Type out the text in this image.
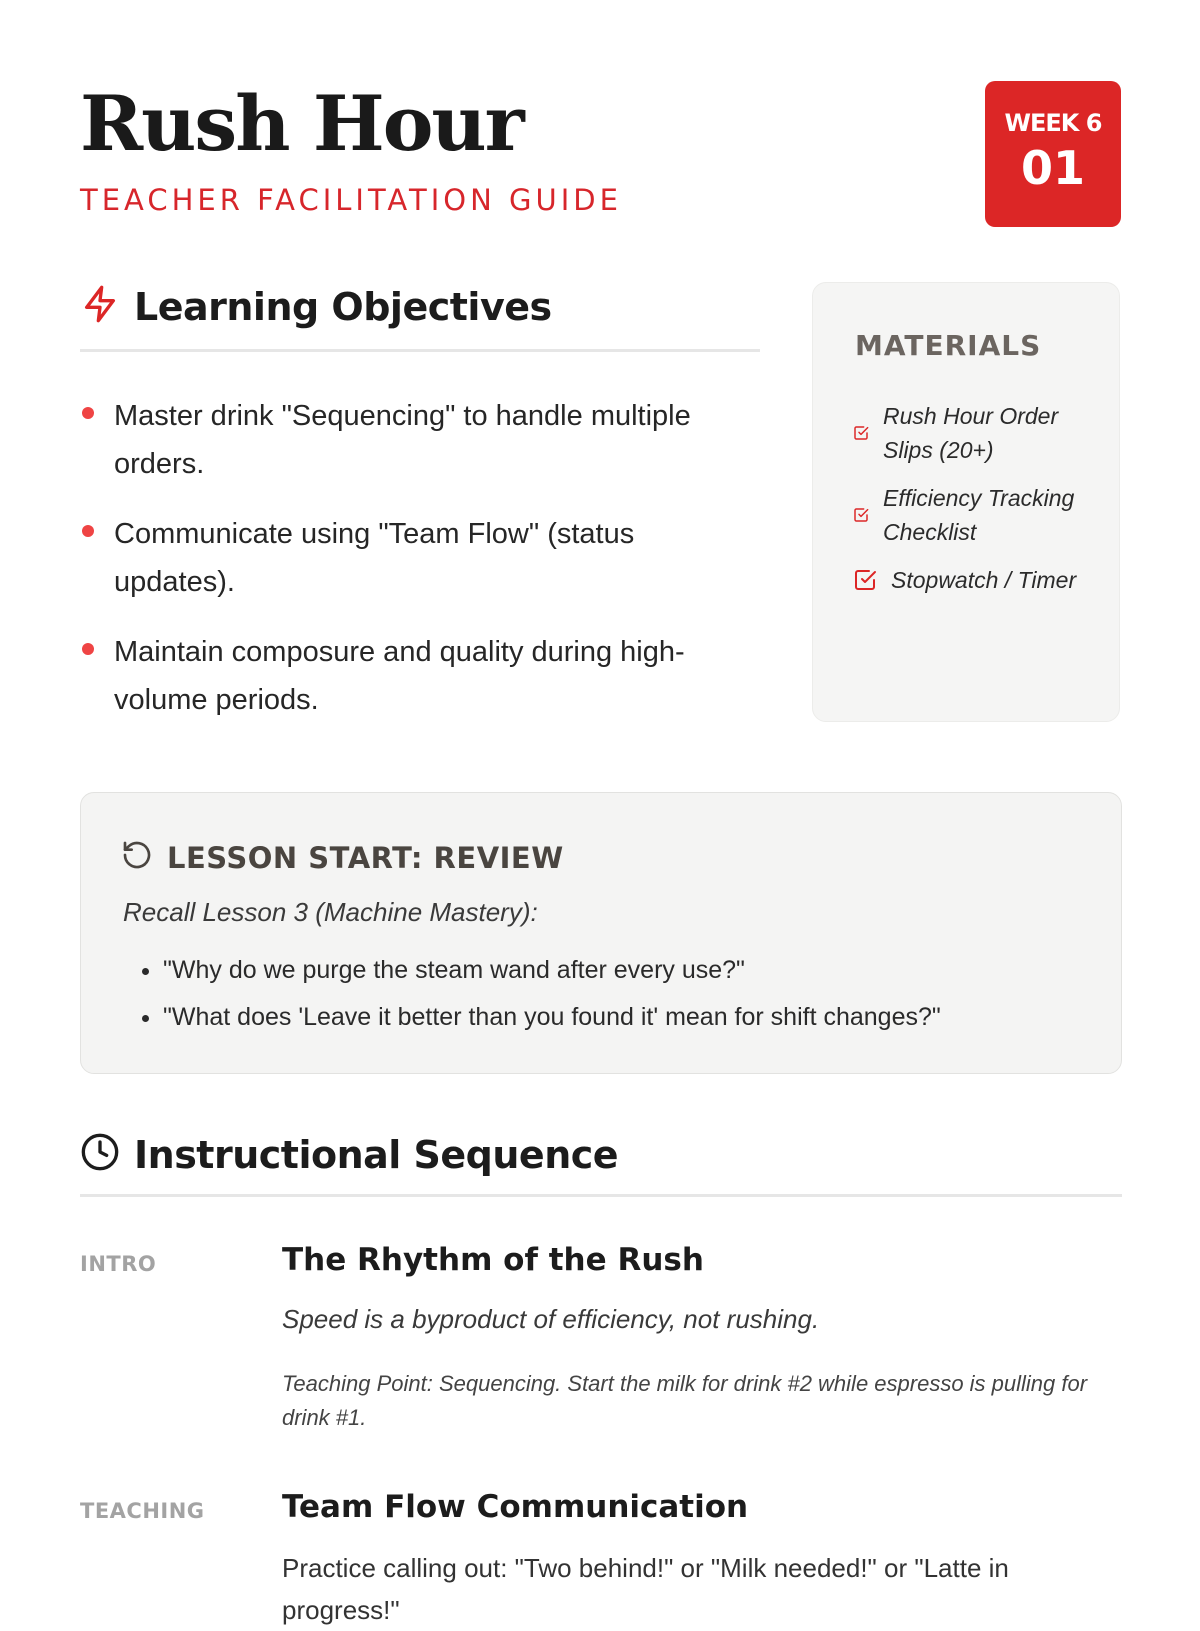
Rush Hour
TEACHER FACILITATION GUIDE
WEEK 6
01
Learning Objectives
Master drink "Sequencing" to handle multiple orders.
Communicate using "Team Flow" (status updates).
Maintain composure and quality during high-volume periods.
MATERIALS
Rush Hour Order Slips (20+)
Efficiency Tracking Checklist
Stopwatch / Timer
LESSON START: REVIEW

Recall Lesson 3 (Machine Mastery):

• "Why do we purge the steam wand after every use?"
• "What does 'Leave it better than you found it' mean for shift changes?"
Instructional Sequence
INTRO	The Rhythm of the Rush

Speed is a byproduct of efficiency, not rushing.

Teaching Point: Sequencing. Start the milk for drink #2 while espresso is pulling for drink #1.

TEACHING Team Flow Communication

Practice calling out: "Two behind!" or "Milk needed!" or "Latte in progress!"
